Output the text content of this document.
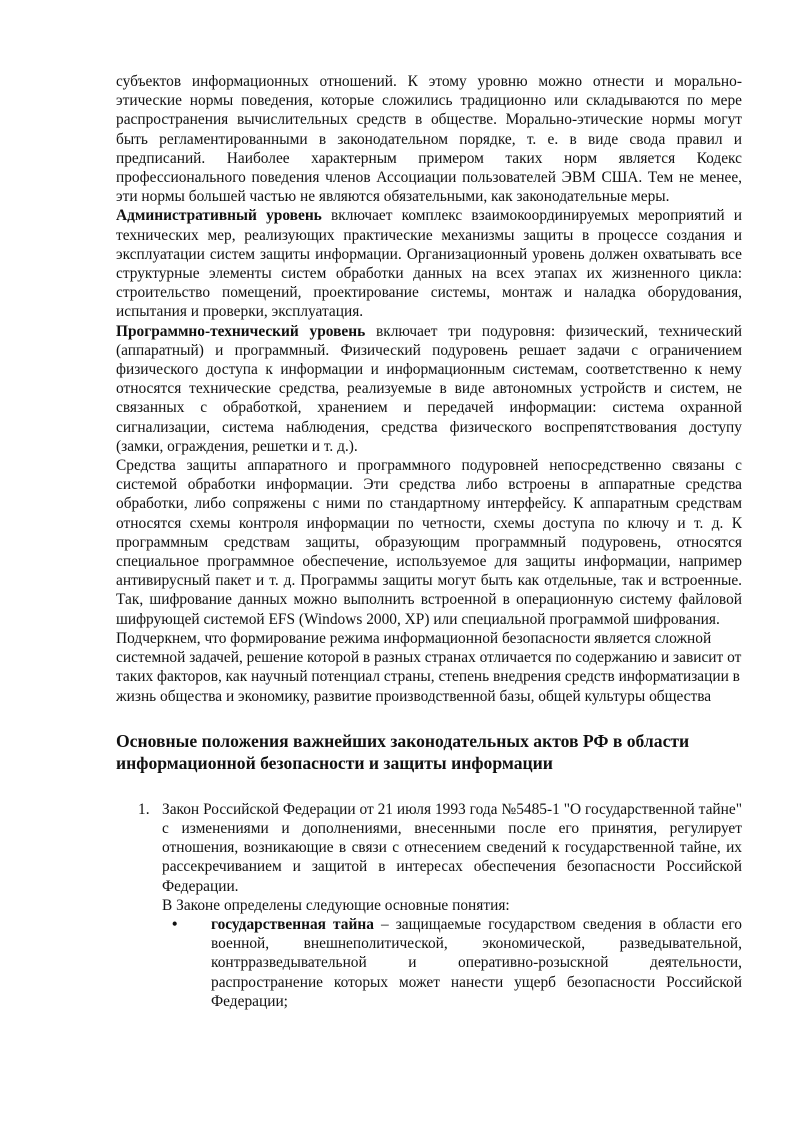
субъектов информационных отношений. К этому уровню можно отнести и морально-этические нормы поведения, которые сложились традиционно или складываются по мере распространения вычислительных средств в обществе. Морально-этические нормы могут быть регламентированными в законодательном порядке, т. е. в виде свода правил и предписаний. Наиболее характерным примером таких норм является Кодекс профессионального поведения членов Ассоциации пользователей ЭВМ США. Тем не менее, эти нормы большей частью не являются обязательными, как законодательные меры.

Административный уровень включает комплекс взаимокоординируемых мероприятий и технических мер, реализующих практические механизмы защиты в процессе создания и эксплуатации систем защиты информации. Организационный уровень должен охватывать все структурные элементы систем обработки данных на всех этапах их жизненного цикла: строительство помещений, проектирование системы, монтаж и наладка оборудования, испытания и проверки, эксплуатация.

Программно-технический уровень включает три подуровня: физический, технический (аппаратный) и программный. Физический подуровень решает задачи с ограничением физического доступа к информации и информационным системам, соответственно к нему относятся технические средства, реализуемые в виде автономных устройств и систем, не связанных с обработкой, хранением и передачей информации: система охранной сигнализации, система наблюдения, средства физического воспрепятствования доступу (замки, ограждения, решетки и т. д.).

Средства защиты аппаратного и программного подуровней непосредственно связаны с системой обработки информации. Эти средства либо встроены в аппаратные средства обработки, либо сопряжены с ними по стандартному интерфейсу. К аппаратным средствам относятся схемы контроля информации по четности, схемы доступа по ключу и т. д. К программным средствам защиты, образующим программный подуровень, относятся специальное программное обеспечение, используемое для защиты информации, например антивирусный пакет и т. д. Программы защиты могут быть как отдельные, так и встроенные. Так, шифрование данных можно выполнить встроенной в операционную систему файловой шифрующей системой EFS (Windows 2000, XP) или специальной программой шифрования.

Подчеркнем, что формирование режима информационной безопасности является сложной системной задачей, решение которой в разных странах отличается по содержанию и зависит от таких факторов, как научный потенциал страны, степень внедрения средств информатизации в жизнь общества и экономику, развитие производственной базы, общей культуры общества

Основные положения важнейших законодательных актов РФ в области информационной безопасности и защиты информации
1. Закон Российской Федерации от 21 июля 1993 года №5485-1 "О государственной тайне" с изменениями и дополнениями, внесенными после его принятия, регулирует отношения, возникающие в связи с отнесением сведений к государственной тайне, их рассекречиванием и защитой в интересах обеспечения безопасности Российской Федерации.

В Законе определены следующие основные понятия:

• государственная тайна – защищаемые государством сведения в области его военной, внешнеполитической, экономической, разведывательной, контрразведывательной и оперативно-розыскной деятельности, распространение которых может нанести ущерб безопасности Российской Федерации;
